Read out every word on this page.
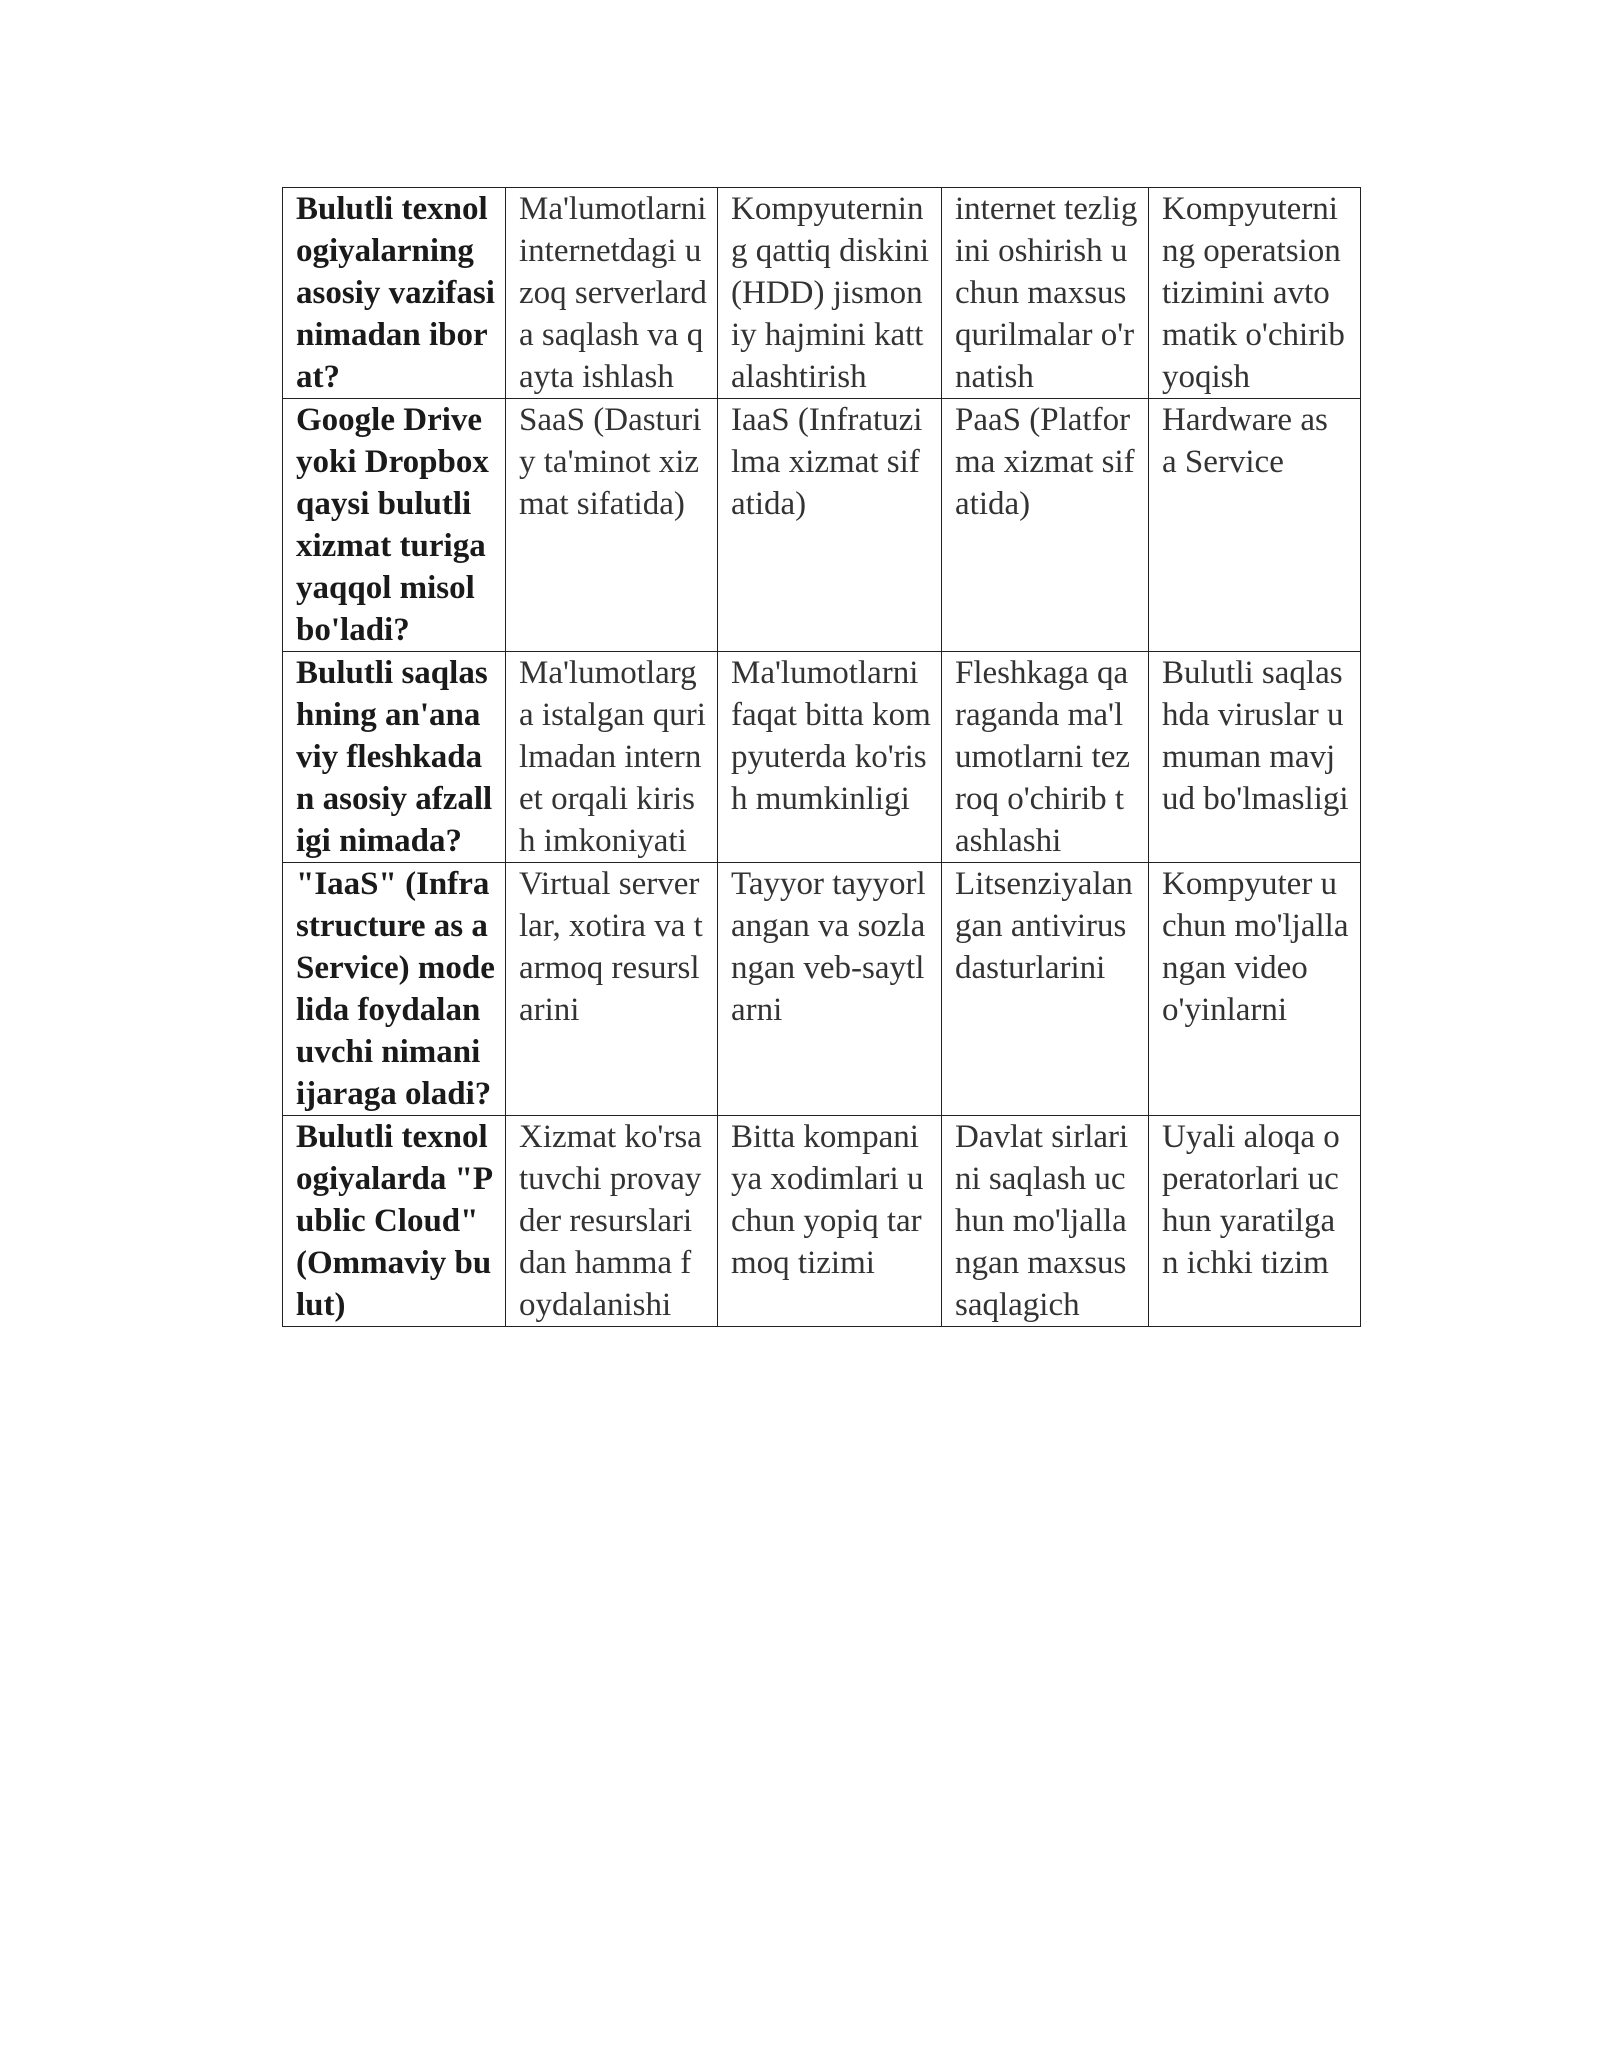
Bulutli texnologiyalarning asosiy vazifasi nimadan iborat?	Ma'lumotlarni internetdagi uzoq serverlarda saqlash va qayta ishlash	Kompyuterning qattiq diskini (HDD) jismoniy hajmini kattalashtirish	internet tezligini oshirish uchun maxsus qurilmalar o'rnatish	Kompyuterning operatsion tizimini avtomatik o'chirib yoqish
Google Drive yoki Dropbox qaysi bulutli xizmat turiga yaqqol misol bo'ladi?	SaaS (Dasturiy ta'minot xizmat sifatida)	IaaS (Infratuzilma xizmat sifatida)	PaaS (Platforma xizmat sifatida)	Hardware as a Service
Bulutli saqlashning an'anaviy fleshkadan asosiy afzalligi nimada?	Ma'lumotlarga istalgan qurilmadan internet orqali kirish imkoniyati	Ma'lumotlarni faqat bitta kompyuterda ko'rish mumkinligi	Fleshkaga qaraganda ma'lumotlarni tezroq o'chirib tashlashi	Bulutli saqlashda viruslar umuman mavjud bo'lmasligi
"IaaS" (Infrastructure as a Service) modelida foydalanuvchi nimani ijaraga oladi?	Virtual serverlar, xotira va tarmoq resurslarini	Tayyor tayyorlangan va sozlangan veb-saytlarni	Litsenziyalangan antivirus dasturlarini	Kompyuter uchun mo'ljallangan video o'yinlarni
Bulutli texnologiyalarda "Public Cloud" (Ommaviy bulut)	Xizmat ko'rsatuvchi provayder resurslaridan hamma foydalanishi	Bitta kompaniya xodimlari uchun yopiq tarmoq tizimi	Davlat sirlarini saqlash uchun mo'ljallangan maxsus saqlagich	Uyali aloqa operatorlari uchun yaratilgan ichki tizim
